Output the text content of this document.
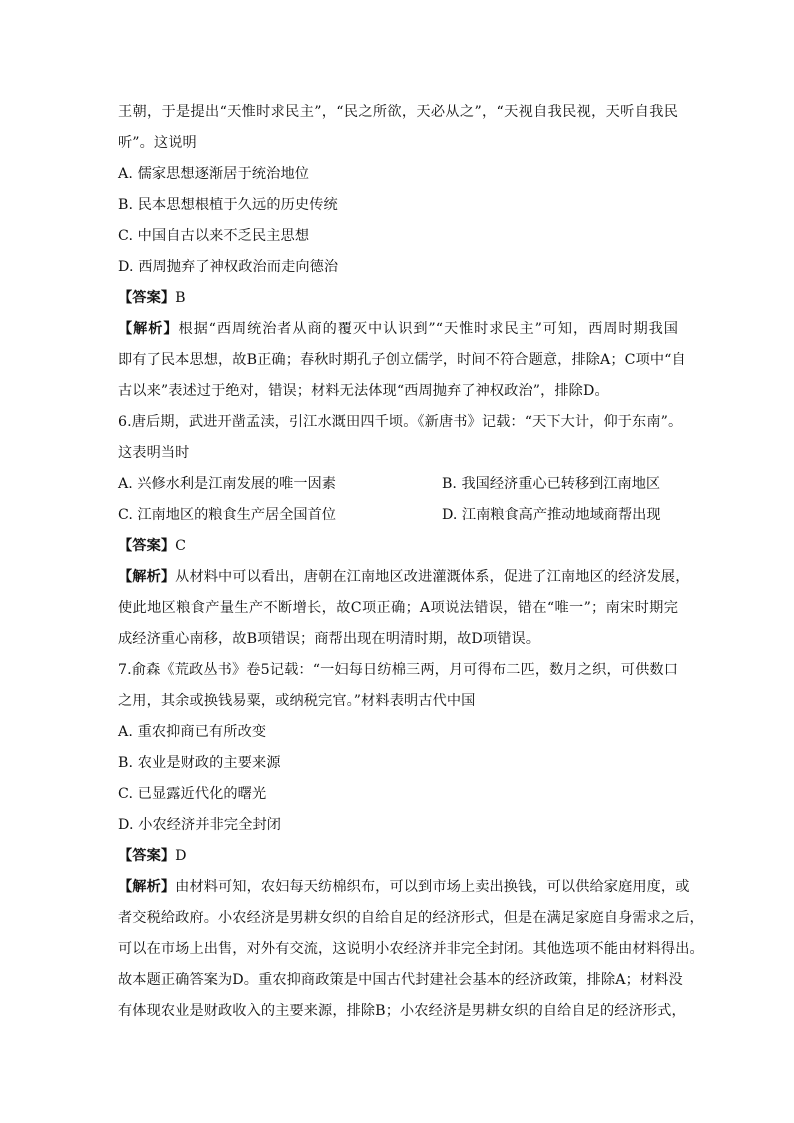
王朝，于是提出“天惟时求民主”，“民之所欲，天必从之”，“天视自我民视，天听自我民
听”。这说明
A. 儒家思想逐渐居于统治地位
B. 民本思想根植于久远的历史传统
C. 中国自古以来不乏民主思想
D. 西周抛弃了神权政治而走向德治
【答案】B
【解析】根据“西周统治者从商的覆灭中认识到”“天惟时求民主”可知，西周时期我国
即有了民本思想，故B正确；春秋时期孔子创立儒学，时间不符合题意，排除A；C项中“自
古以来”表述过于绝对，错误；材料无法体现“西周抛弃了神权政治”，排除D。
6.唐后期，武进开凿孟渎，引江水溉田四千顷。《新唐书》记载：“天下大计，仰于东南”。
这表明当时
A. 兴修水利是江南发展的唯一因素	B. 我国经济重心已转移到江南地区
C. 江南地区的粮食生产居全国首位	D. 江南粮食高产推动地域商帮出现
【答案】C
【解析】从材料中可以看出，唐朝在江南地区改进灌溉体系，促进了江南地区的经济发展，
使此地区粮食产量生产不断增长，故C项正确；A项说法错误，错在“唯一”；南宋时期完
成经济重心南移，故B项错误；商帮出现在明清时期，故D项错误。
7.俞森《荒政丛书》卷5记载：“一妇每日纺棉三两，月可得布二匹，数月之织，可供数口
之用，其余或换钱易粟，或纳税完官。”材料表明古代中国
A. 重农抑商已有所改变
B. 农业是财政的主要来源
C. 已显露近代化的曙光
D. 小农经济并非完全封闭
【答案】D
【解析】由材料可知，农妇每天纺棉织布，可以到市场上卖出换钱，可以供给家庭用度，或
者交税给政府。小农经济是男耕女织的自给自足的经济形式，但是在满足家庭自身需求之后，
可以在市场上出售，对外有交流，这说明小农经济并非完全封闭。其他选项不能由材料得出。
故本题正确答案为D。重农抑商政策是中国古代封建社会基本的经济政策，排除A；材料没
有体现农业是财政收入的主要来源，排除B；小农经济是男耕女织的自给自足的经济形式，
